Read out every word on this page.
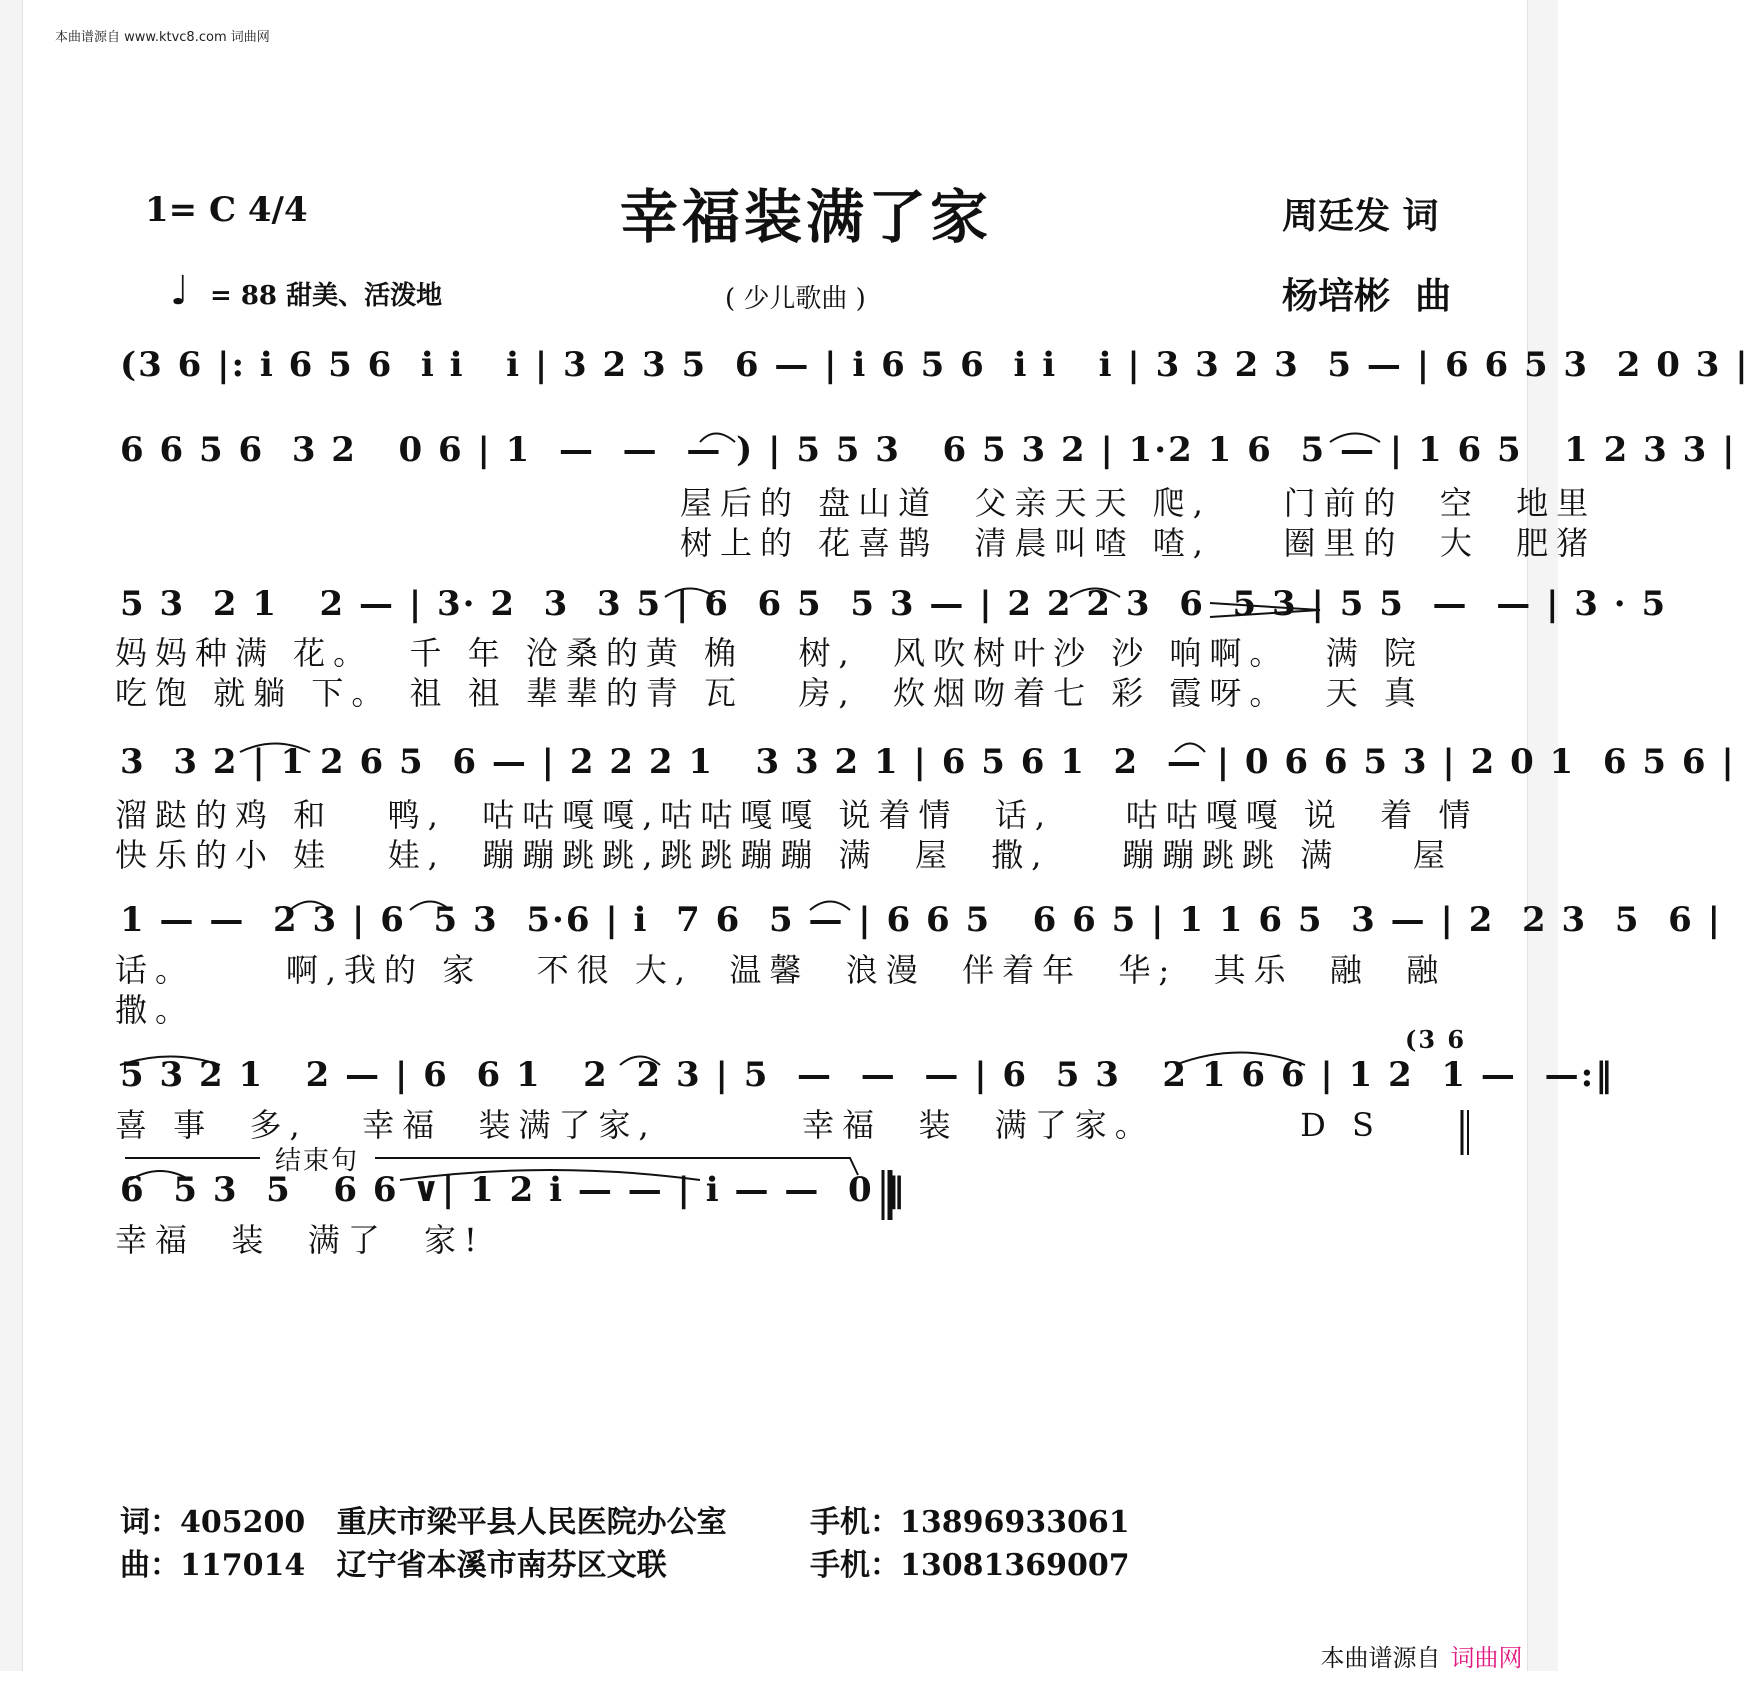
本曲谱源自 www.ktvc8.com 词曲网
1= C 4/4	幸福装满了家	周廷发 词
杨培彬  曲
♩ = 88 甜美、活泼地	( 少儿歌曲 )
(3 6 |: i 6 5 6  i i   i | 3 2 3 5  6 — | i 6 5 6  i i   i | 3 3 2 3  5 — | 6 6 5 3  2 0 3 |
6 6 5 6  3 2   0 6 | 1  —  —  — ) | 5 5 3   6 5 3 2 | 1·2 1 6  5 — | 1 6 5   1 2 3 3 |
屋后的 盘山道  父亲天天 爬,    门前的  空  地里
树上的 花喜鹊  清晨叫喳 喳,    圈里的  大  肥猪
5 3  2 1   2 — | 3· 2  3  3 5 | 6  6 5  5 3 — | 2 2 2 3  6  5 3 | 5 5  —  — | 3 · 5
妈妈种满 花。  千 年 沧桑的黄 桷   树,  风吹树叶沙 沙 响啊。  满 院
吃饱 就躺 下。 祖 祖 辈辈的青 瓦   房,  炊烟吻着七 彩 霞呀。  天 真
3  3 2 | 1 2 6 5  6 — | 2 2 2 1   3 3 2 1 | 6 5 6 1  2  — | 0 6 6 5 3 | 2 0 1  6 5 6 |
溜跶的鸡 和   鸭,  咕咕嘎嘎,咕咕嘎嘎 说着情  话,    咕咕嘎嘎 说  着 情
快乐的小 娃   娃,  蹦蹦跳跳,跳跳蹦蹦 满  屋  撒,    蹦蹦跳跳 满    屋
1 — —  2 3 | 6  5 3  5·6 | i  7 6  5 — | 6 6 5   6 6 5 | 1 1 6 5  3 — | 2  2 3  5  6 |
话。     啊,我的 家   不很 大,  温馨  浪漫  伴着年  华;  其乐  融  融
撒。
(3 6
5 3 2 1   2 — | 6  6 1   2  2 3 | 5  —  —  — | 6  5 3   2 1 6 6 | 1 2  1 —  —:‖
喜 事  多,   幸福  装满了家,        幸福  装  满了家。        D S
结束句
6  5 3  5   6 6 ∨| 1 2 i — — | i — —  0 ‖
幸福  装  满了  家!
词：405200   重庆市梁平县人民医院办公室	手机：13896933061
曲：117014   辽宁省本溪市南芬区文联	手机：13081369007

本曲谱源自 词曲网
